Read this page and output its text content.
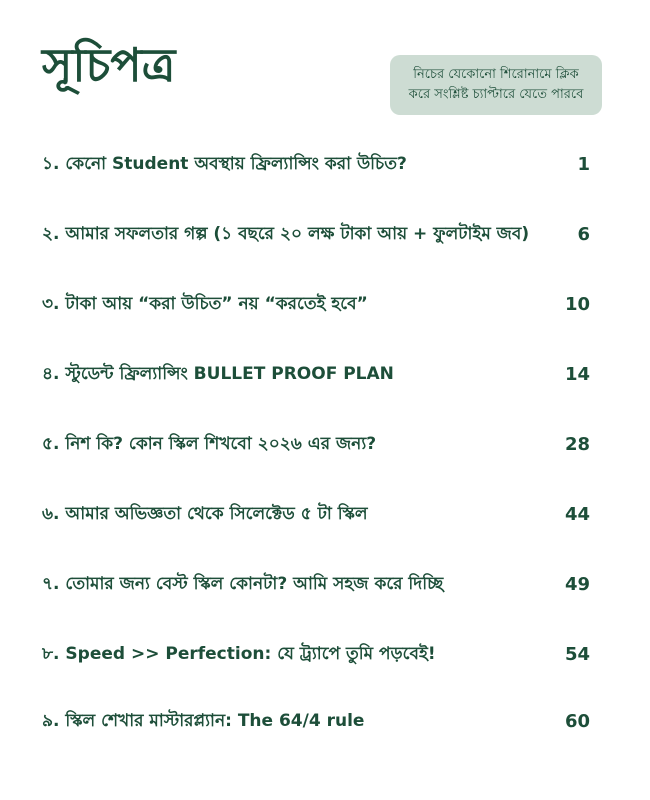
সূচিপত্র	নিচের যেকোনো শিরোনামে ক্লিক করে সংশ্লিষ্ট চ্যাপ্টারে যেতে পারবে
১. কেনো Student অবস্থায় ফ্রিল্যান্সিং করা উচিত?	1
২. আমার সফলতার গল্প (১ বছরে ২০ লক্ষ টাকা আয় + ফুলটাইম জব)	6
৩. টাকা আয় “করা উচিত” নয় “করতেই হবে”	10
৪. স্টুডেন্ট ফ্রিল্যান্সিং BULLET PROOF PLAN	14
৫. নিশ কি? কোন স্কিল শিখবো ২০২৬ এর জন্য?	28
৬. আমার অভিজ্ঞতা থেকে সিলেক্টেড ৫ টা স্কিল	44
৭. তোমার জন্য বেস্ট স্কিল কোনটা? আমি সহজ করে দিচ্ছি	49
৮. Speed >> Perfection: যে ট্র্যাপে তুমি পড়বেই!	54
৯. স্কিল শেখার মাস্টারপ্ল্যান: The 64/4 rule	60
